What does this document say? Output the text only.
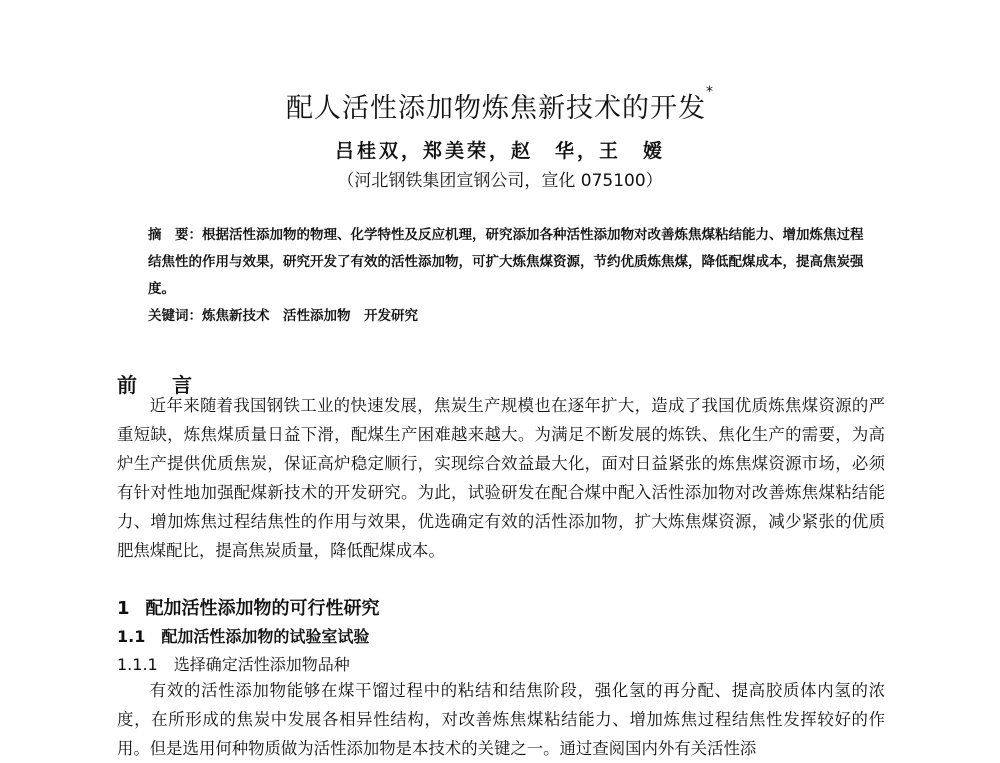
配人活性添加物炼焦新技术的开发*
吕桂双，郑美荣，赵　华，王　嫒
（河北钢铁集团宣钢公司，宣化 075100）

摘　要：根据活性添加物的物理、化学特性及反应机理，研究添加各种活性添加物对改善炼焦煤粘结能力、增加炼焦过程结焦性的作用与效果，研究开发了有效的活性添加物，可扩大炼焦煤资源，节约优质炼焦煤，降低配煤成本，提高焦炭强度。

关键词：炼焦新技术　活性添加物　开发研究

前 言

近年来随着我国钢铁工业的快速发展，焦炭生产规模也在逐年扩大，造成了我国优质炼焦煤资源的严重短缺，炼焦煤质量日益下滑，配煤生产困难越来越大。为满足不断发展的炼铁、焦化生产的需要，为高炉生产提供优质焦炭，保证高炉稳定顺行，实现综合效益最大化，面对日益紧张的炼焦煤资源市场，必须有针对性地加强配煤新技术的开发研究。为此，试验研发在配合煤中配入活性添加物对改善炼焦煤粘结能力、增加炼焦过程结焦性的作用与效果，优选确定有效的活性添加物，扩大炼焦煤资源，减少紧张的优质肥焦煤配比，提高焦炭质量，降低配煤成本。

1 配加活性添加物的可行性研究
1.1 配加活性添加物的试验室试验
1.1.1 选择确定活性添加物品种

有效的活性添加物能够在煤干馏过程中的粘结和结焦阶段，强化氢的再分配、提高胶质体内氢的浓度，在所形成的焦炭中发展各相异性结构，对改善炼焦煤粘结能力、增加炼焦过程结焦性发挥较好的作用。但是选用何种物质做为活性添加物是本技术的关键之一。通过查阅国内外有关活性添
